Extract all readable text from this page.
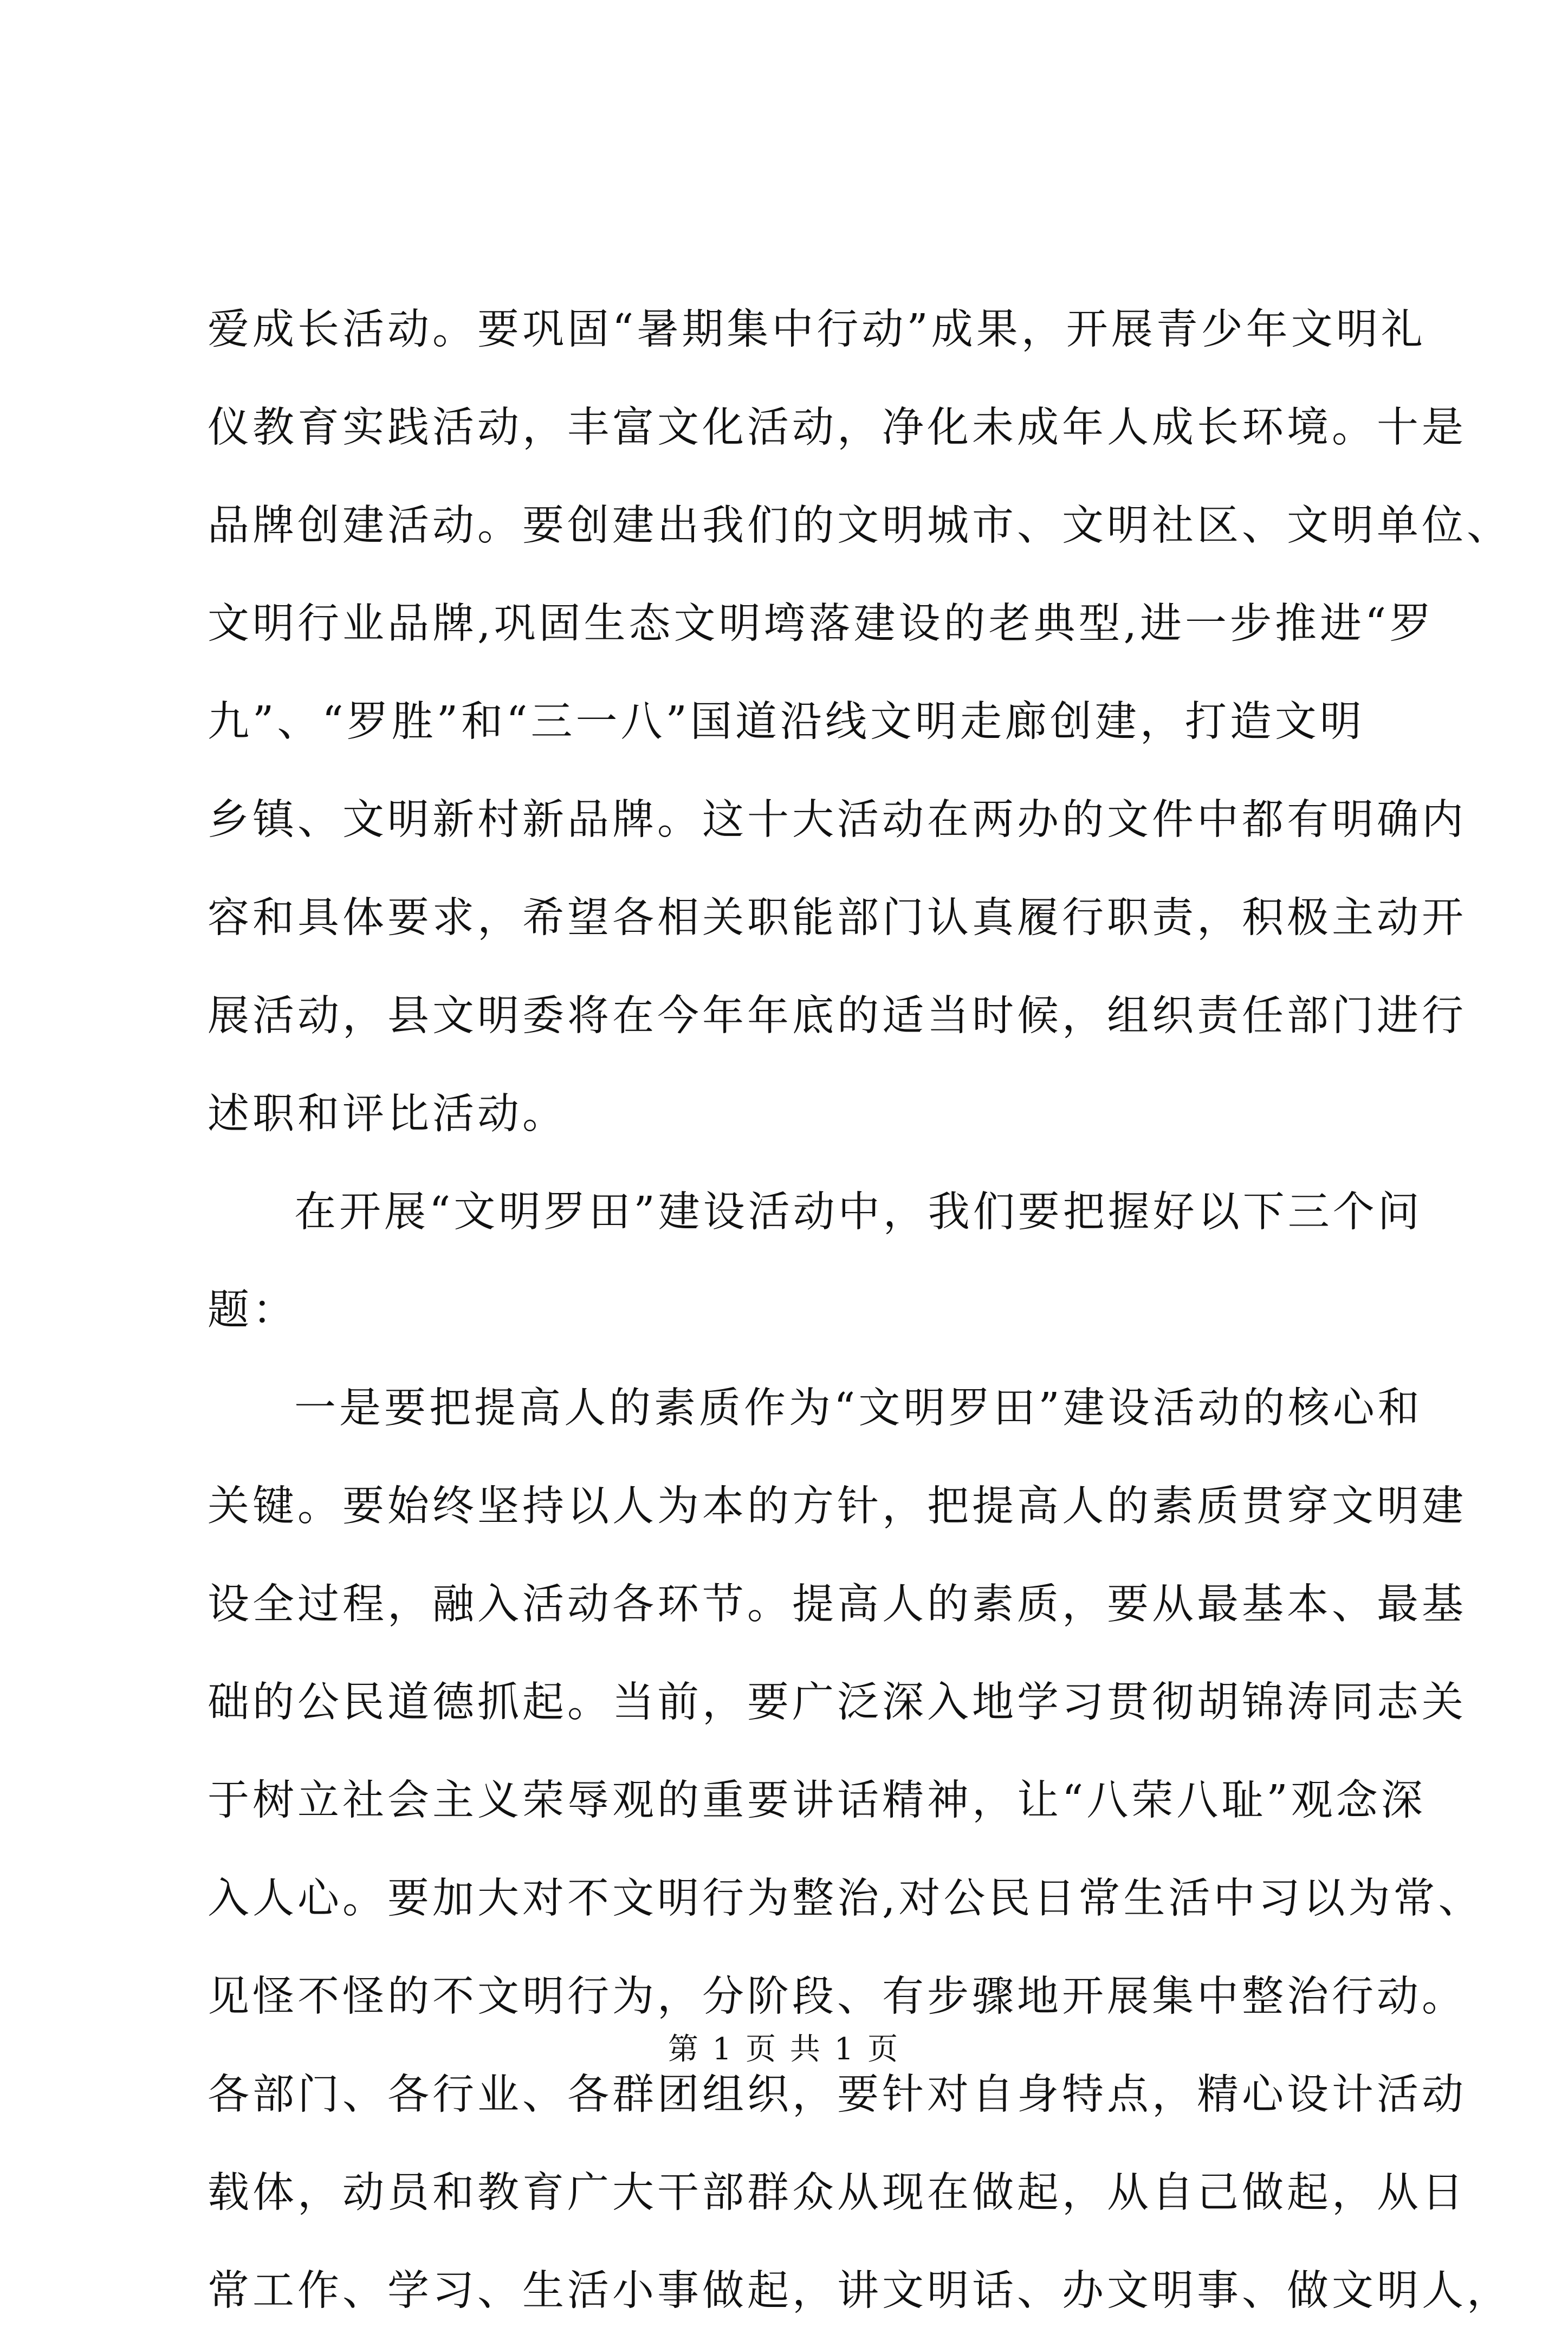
爱成长活动。要巩固“暑期集中行动”成果，开展青少年文明礼
仪教育实践活动，丰富文化活动，净化未成年人成长环境。十是
品牌创建活动。要创建出我们的文明城市、文明社区、文明单位、
文明行业品牌,巩固生态文明塆落建设的老典型,进一步推进“罗
九”、“罗胜”和“三一八”国道沿线文明走廊创建，打造文明
乡镇、文明新村新品牌。这十大活动在两办的文件中都有明确内
容和具体要求，希望各相关职能部门认真履行职责，积极主动开
展活动，县文明委将在今年年底的适当时候，组织责任部门进行
述职和评比活动。
在开展“文明罗田”建设活动中，我们要把握好以下三个问
题：
一是要把提高人的素质作为“文明罗田”建设活动的核心和
关键。要始终坚持以人为本的方针，把提高人的素质贯穿文明建
设全过程，融入活动各环节。提高人的素质，要从最基本、最基
础的公民道德抓起。当前，要广泛深入地学习贯彻胡锦涛同志关
于树立社会主义荣辱观的重要讲话精神，让“八荣八耻”观念深
入人心。要加大对不文明行为整治,对公民日常生活中习以为常、
见怪不怪的不文明行为，分阶段、有步骤地开展集中整治行动。
各部门、各行业、各群团组织，要针对自身特点，精心设计活动
载体，动员和教育广大干部群众从现在做起，从自己做起，从日
常工作、学习、生活小事做起，讲文明话、办文明事、做文明人，
第 1 页 共 1 页
